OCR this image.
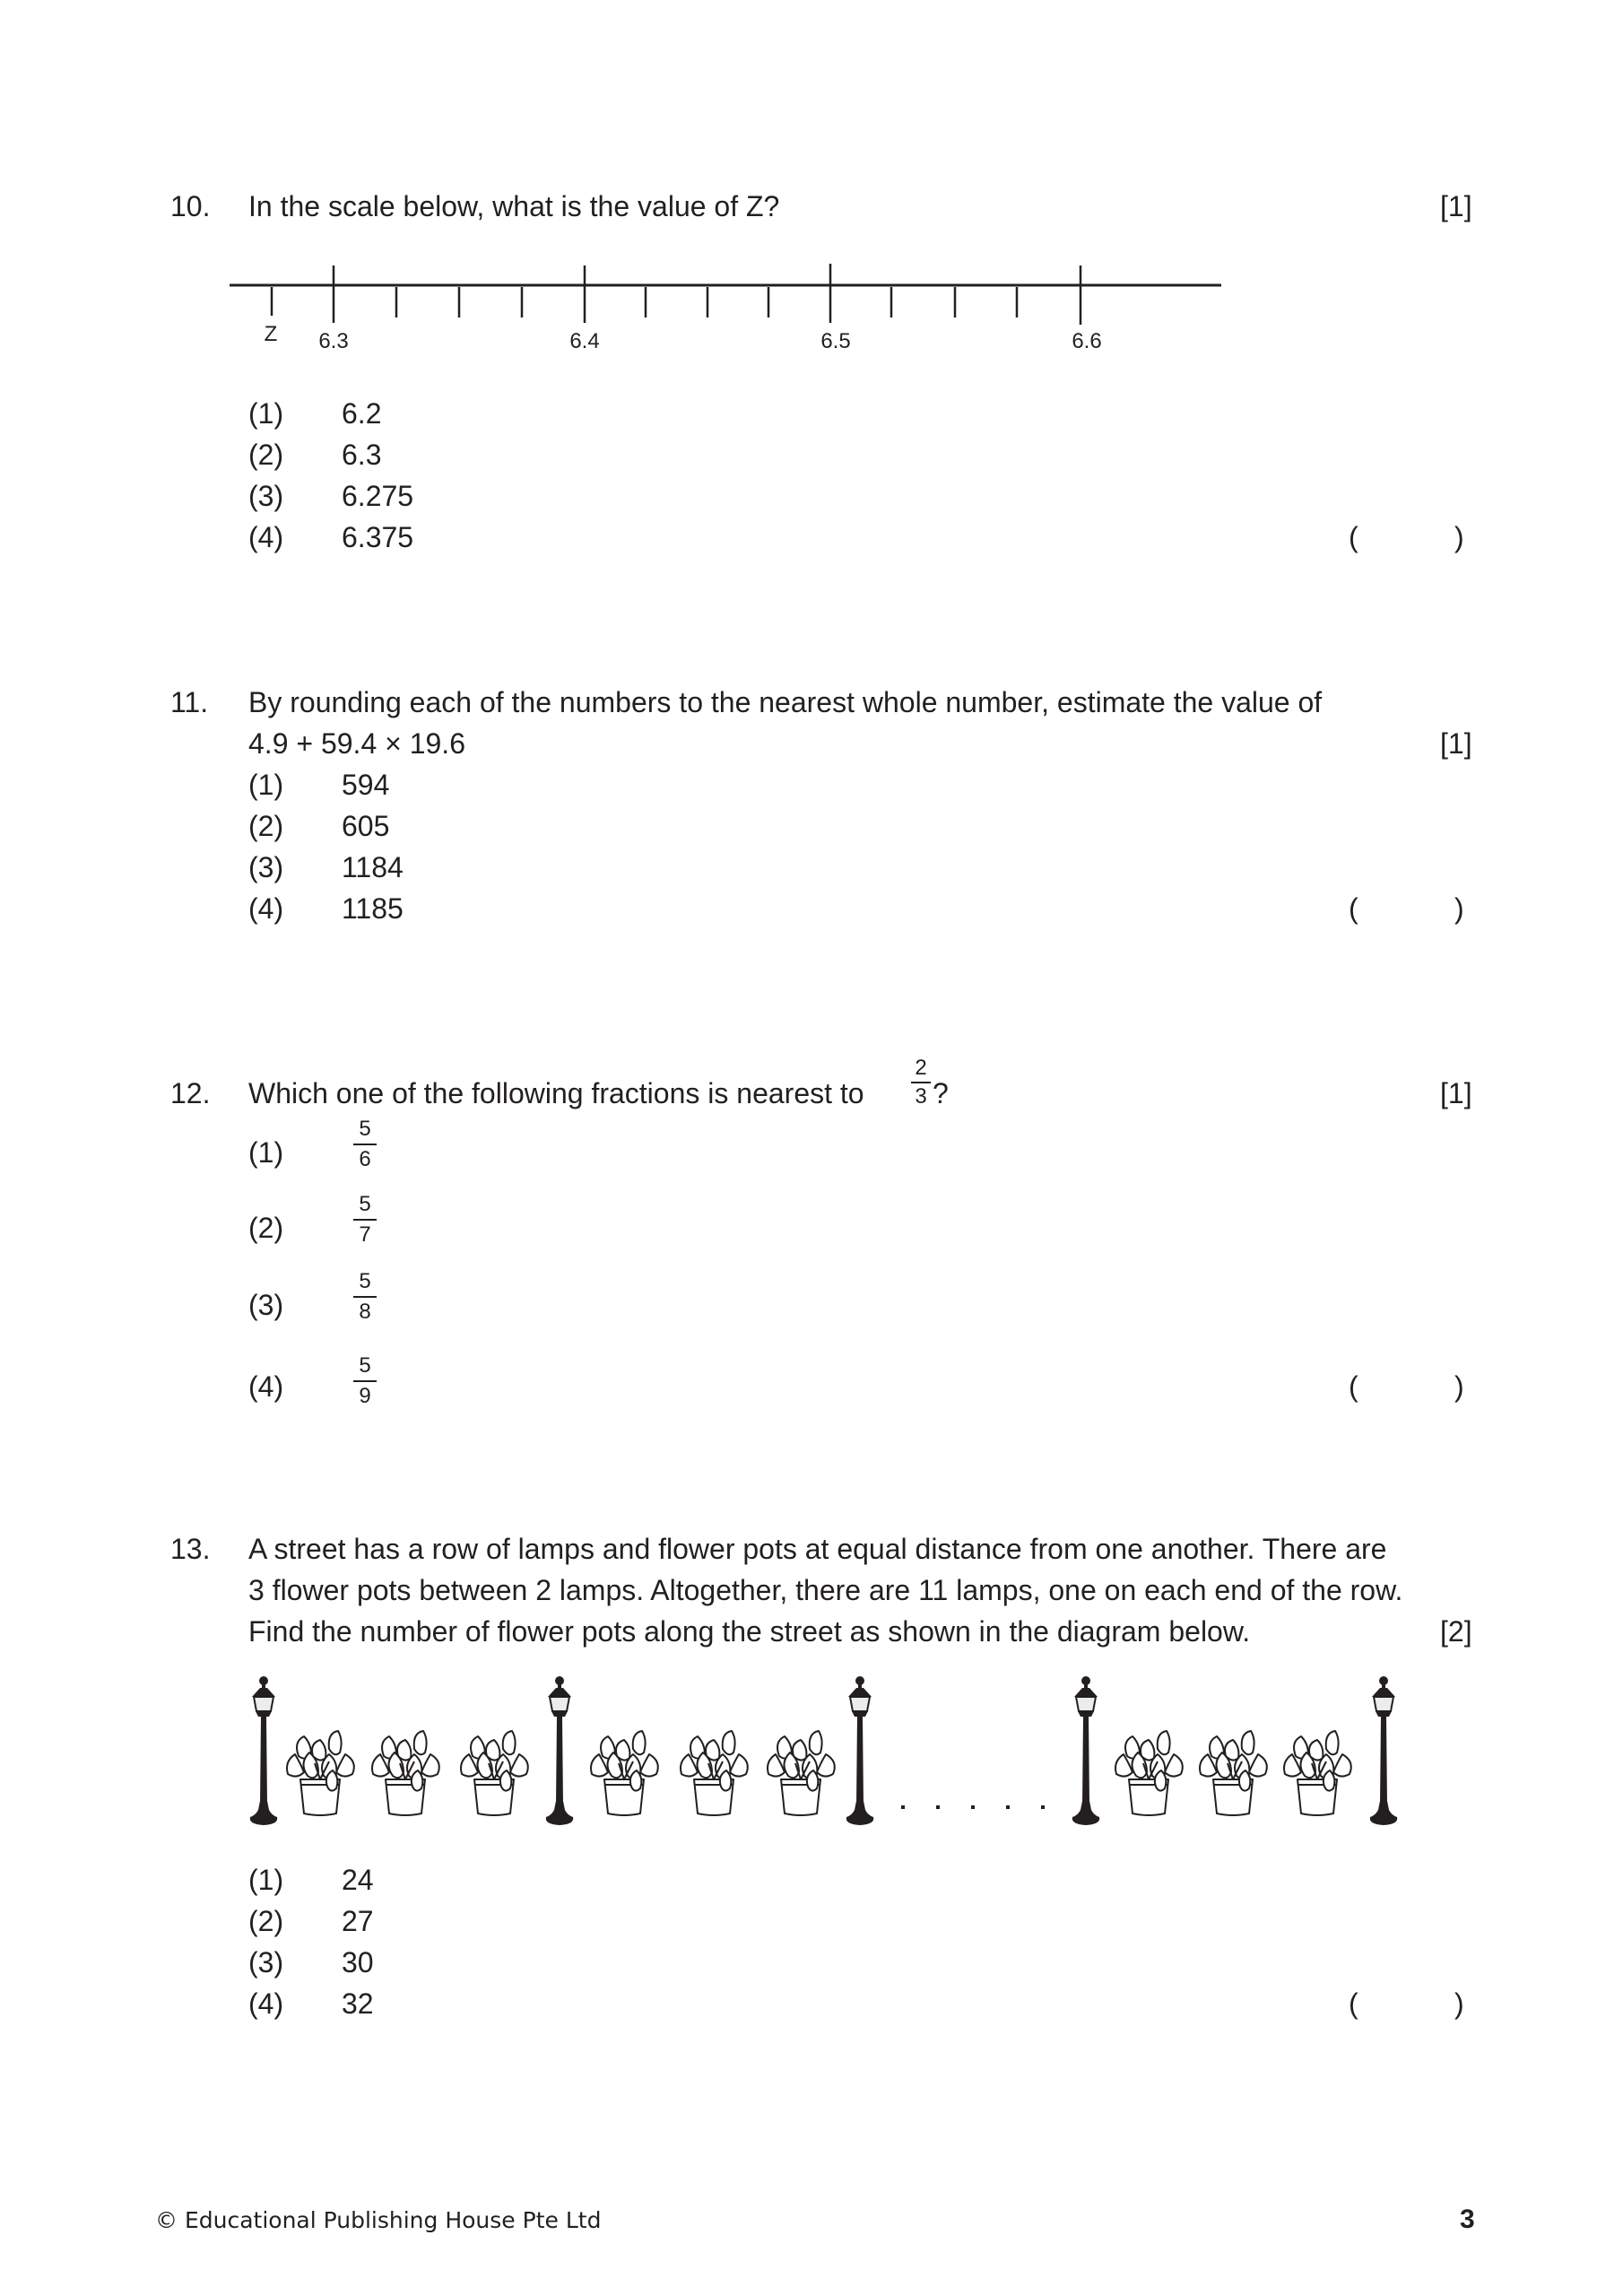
10. In the scale below, what is the value of Z?	[1]
Z 6.3	6.4	6.5	6.6
(1) 6.2
(2) 6.3
(3) 6.275
(4) 6.375	(	)
11. By rounding each of the numbers to the nearest whole number, estimate the value of
4.9 + 59.4 × 19.6	[1]
(1) 594
(2) 605
(3) 1184
(4) 1185	(	)
12. Which one of the following fractions is nearest to
2
3 ?	[1]
(1)
5
6
(2)
5
7
(3)
5
8
(4)
5
9	(	)
13. A street has a row of lamps and flower pots at equal distance from one another. There are
3 flower pots between 2 lamps. Altogether, there are 11 lamps, one on each end of the row.
Find the number of flower pots along the street as shown in the diagram below.	[2]
(1) 24
(2) 27
(3) 30
(4) 32	(	)
© Educational Publishing House Pte Ltd	3
